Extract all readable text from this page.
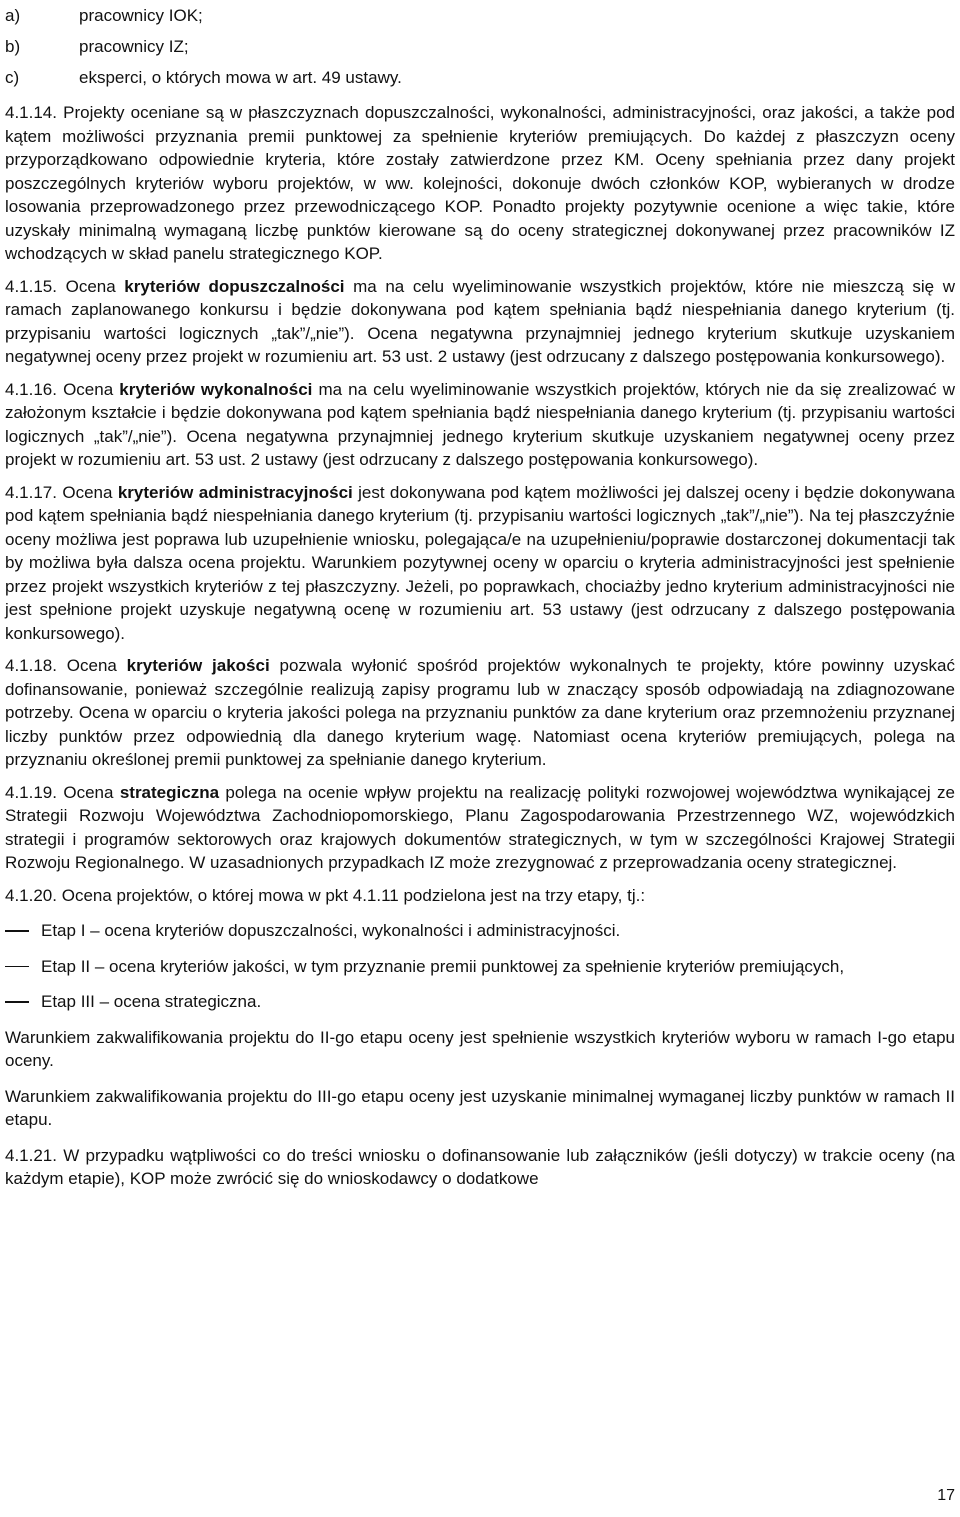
a)	pracownicy IOK;
b)	pracownicy IZ;
c)	eksperci, o których mowa w art. 49 ustawy.

4.1.14. Projekty oceniane są w płaszczyznach dopuszczalności, wykonalności, administracyjności, oraz jakości, a także pod kątem możliwości przyznania premii punktowej za spełnienie kryteriów premiujących. Do każdej z płaszczyzn oceny przyporządkowano odpowiednie kryteria, które zostały zatwierdzone przez KM. Oceny spełniania przez dany projekt poszczególnych kryteriów wyboru projektów, w ww. kolejności, dokonuje dwóch członków KOP, wybieranych w drodze losowania przeprowadzonego przez przewodniczącego KOP. Ponadto projekty pozytywnie ocenione a więc takie, które uzyskały minimalną wymaganą liczbę punktów kierowane są do oceny strategicznej dokonywanej przez pracowników IZ wchodzących w skład panelu strategicznego KOP.

4.1.15. Ocena kryteriów dopuszczalności ma na celu wyeliminowanie wszystkich projektów, które nie mieszczą się w ramach zaplanowanego konkursu i będzie dokonywana pod kątem spełniania bądź niespełniania danego kryterium (tj. przypisaniu wartości logicznych „tak”/„nie”). Ocena negatywna przynajmniej jednego kryterium skutkuje uzyskaniem negatywnej oceny przez projekt w rozumieniu art. 53 ust. 2 ustawy (jest odrzucany z dalszego postępowania konkursowego).

4.1.16. Ocena kryteriów wykonalności ma na celu wyeliminowanie wszystkich projektów, których nie da się zrealizować w założonym kształcie i będzie dokonywana pod kątem spełniania bądź niespełniania danego kryterium (tj. przypisaniu wartości logicznych „tak”/„nie”). Ocena negatywna przynajmniej jednego kryterium skutkuje uzyskaniem negatywnej oceny przez projekt w rozumieniu art. 53 ust. 2 ustawy (jest odrzucany z dalszego postępowania konkursowego).

4.1.17. Ocena kryteriów administracyjności jest dokonywana pod kątem możliwości jej dalszej oceny i będzie dokonywana pod kątem spełniania bądź niespełniania danego kryterium (tj. przypisaniu wartości logicznych „tak”/„nie”). Na tej płaszczyźnie oceny możliwa jest poprawa lub uzupełnienie wniosku, polegająca/e na uzupełnieniu/poprawie dostarczonej dokumentacji tak by możliwa była dalsza ocena projektu. Warunkiem pozytywnej oceny w oparciu o kryteria administracyjności jest spełnienie przez projekt wszystkich kryteriów z tej płaszczyzny. Jeżeli, po poprawkach, chociażby jedno kryterium administracyjności nie jest spełnione projekt uzyskuje negatywną ocenę w rozumieniu art. 53 ustawy (jest odrzucany z dalszego postępowania konkursowego).

4.1.18. Ocena kryteriów jakości pozwala wyłonić spośród projektów wykonalnych te projekty, które powinny uzyskać dofinansowanie, ponieważ szczególnie realizują zapisy programu lub w znaczący sposób odpowiadają na zdiagnozowane potrzeby. Ocena w oparciu o kryteria jakości polega na przyznaniu punktów za dane kryterium oraz przemnożeniu przyznanej liczby punktów przez odpowiednią dla danego kryterium wagę. Natomiast ocena kryteriów premiujących, polega na przyznaniu określonej premii punktowej za spełnianie danego kryterium.

4.1.19. Ocena strategiczna polega na ocenie wpływ projektu na realizację polityki rozwojowej województwa wynikającej ze Strategii Rozwoju Województwa Zachodniopomorskiego, Planu Zagospodarowania Przestrzennego WZ, wojewódzkich strategii i programów sektorowych oraz krajowych dokumentów strategicznych, w tym w szczególności Krajowej Strategii Rozwoju Regionalnego. W uzasadnionych przypadkach IZ może zrezygnować z przeprowadzania oceny strategicznej.

4.1.20. Ocena projektów, o której mowa w pkt 4.1.11 podzielona jest na trzy etapy, tj.:

Etap I – ocena kryteriów dopuszczalności, wykonalności i administracyjności.
Etap II – ocena kryteriów jakości, w tym przyznanie premii punktowej za spełnienie kryteriów premiujących,
Etap III – ocena strategiczna.

Warunkiem zakwalifikowania projektu do II-go etapu oceny jest spełnienie wszystkich kryteriów wyboru w ramach I-go etapu oceny.

Warunkiem zakwalifikowania projektu do III-go etapu oceny jest uzyskanie minimalnej wymaganej liczby punktów w ramach II etapu.

4.1.21. W przypadku wątpliwości co do treści wniosku o dofinansowanie lub załączników (jeśli dotyczy) w trakcie oceny (na każdym etapie), KOP może zwrócić się do wnioskodawcy o dodatkowe

17
